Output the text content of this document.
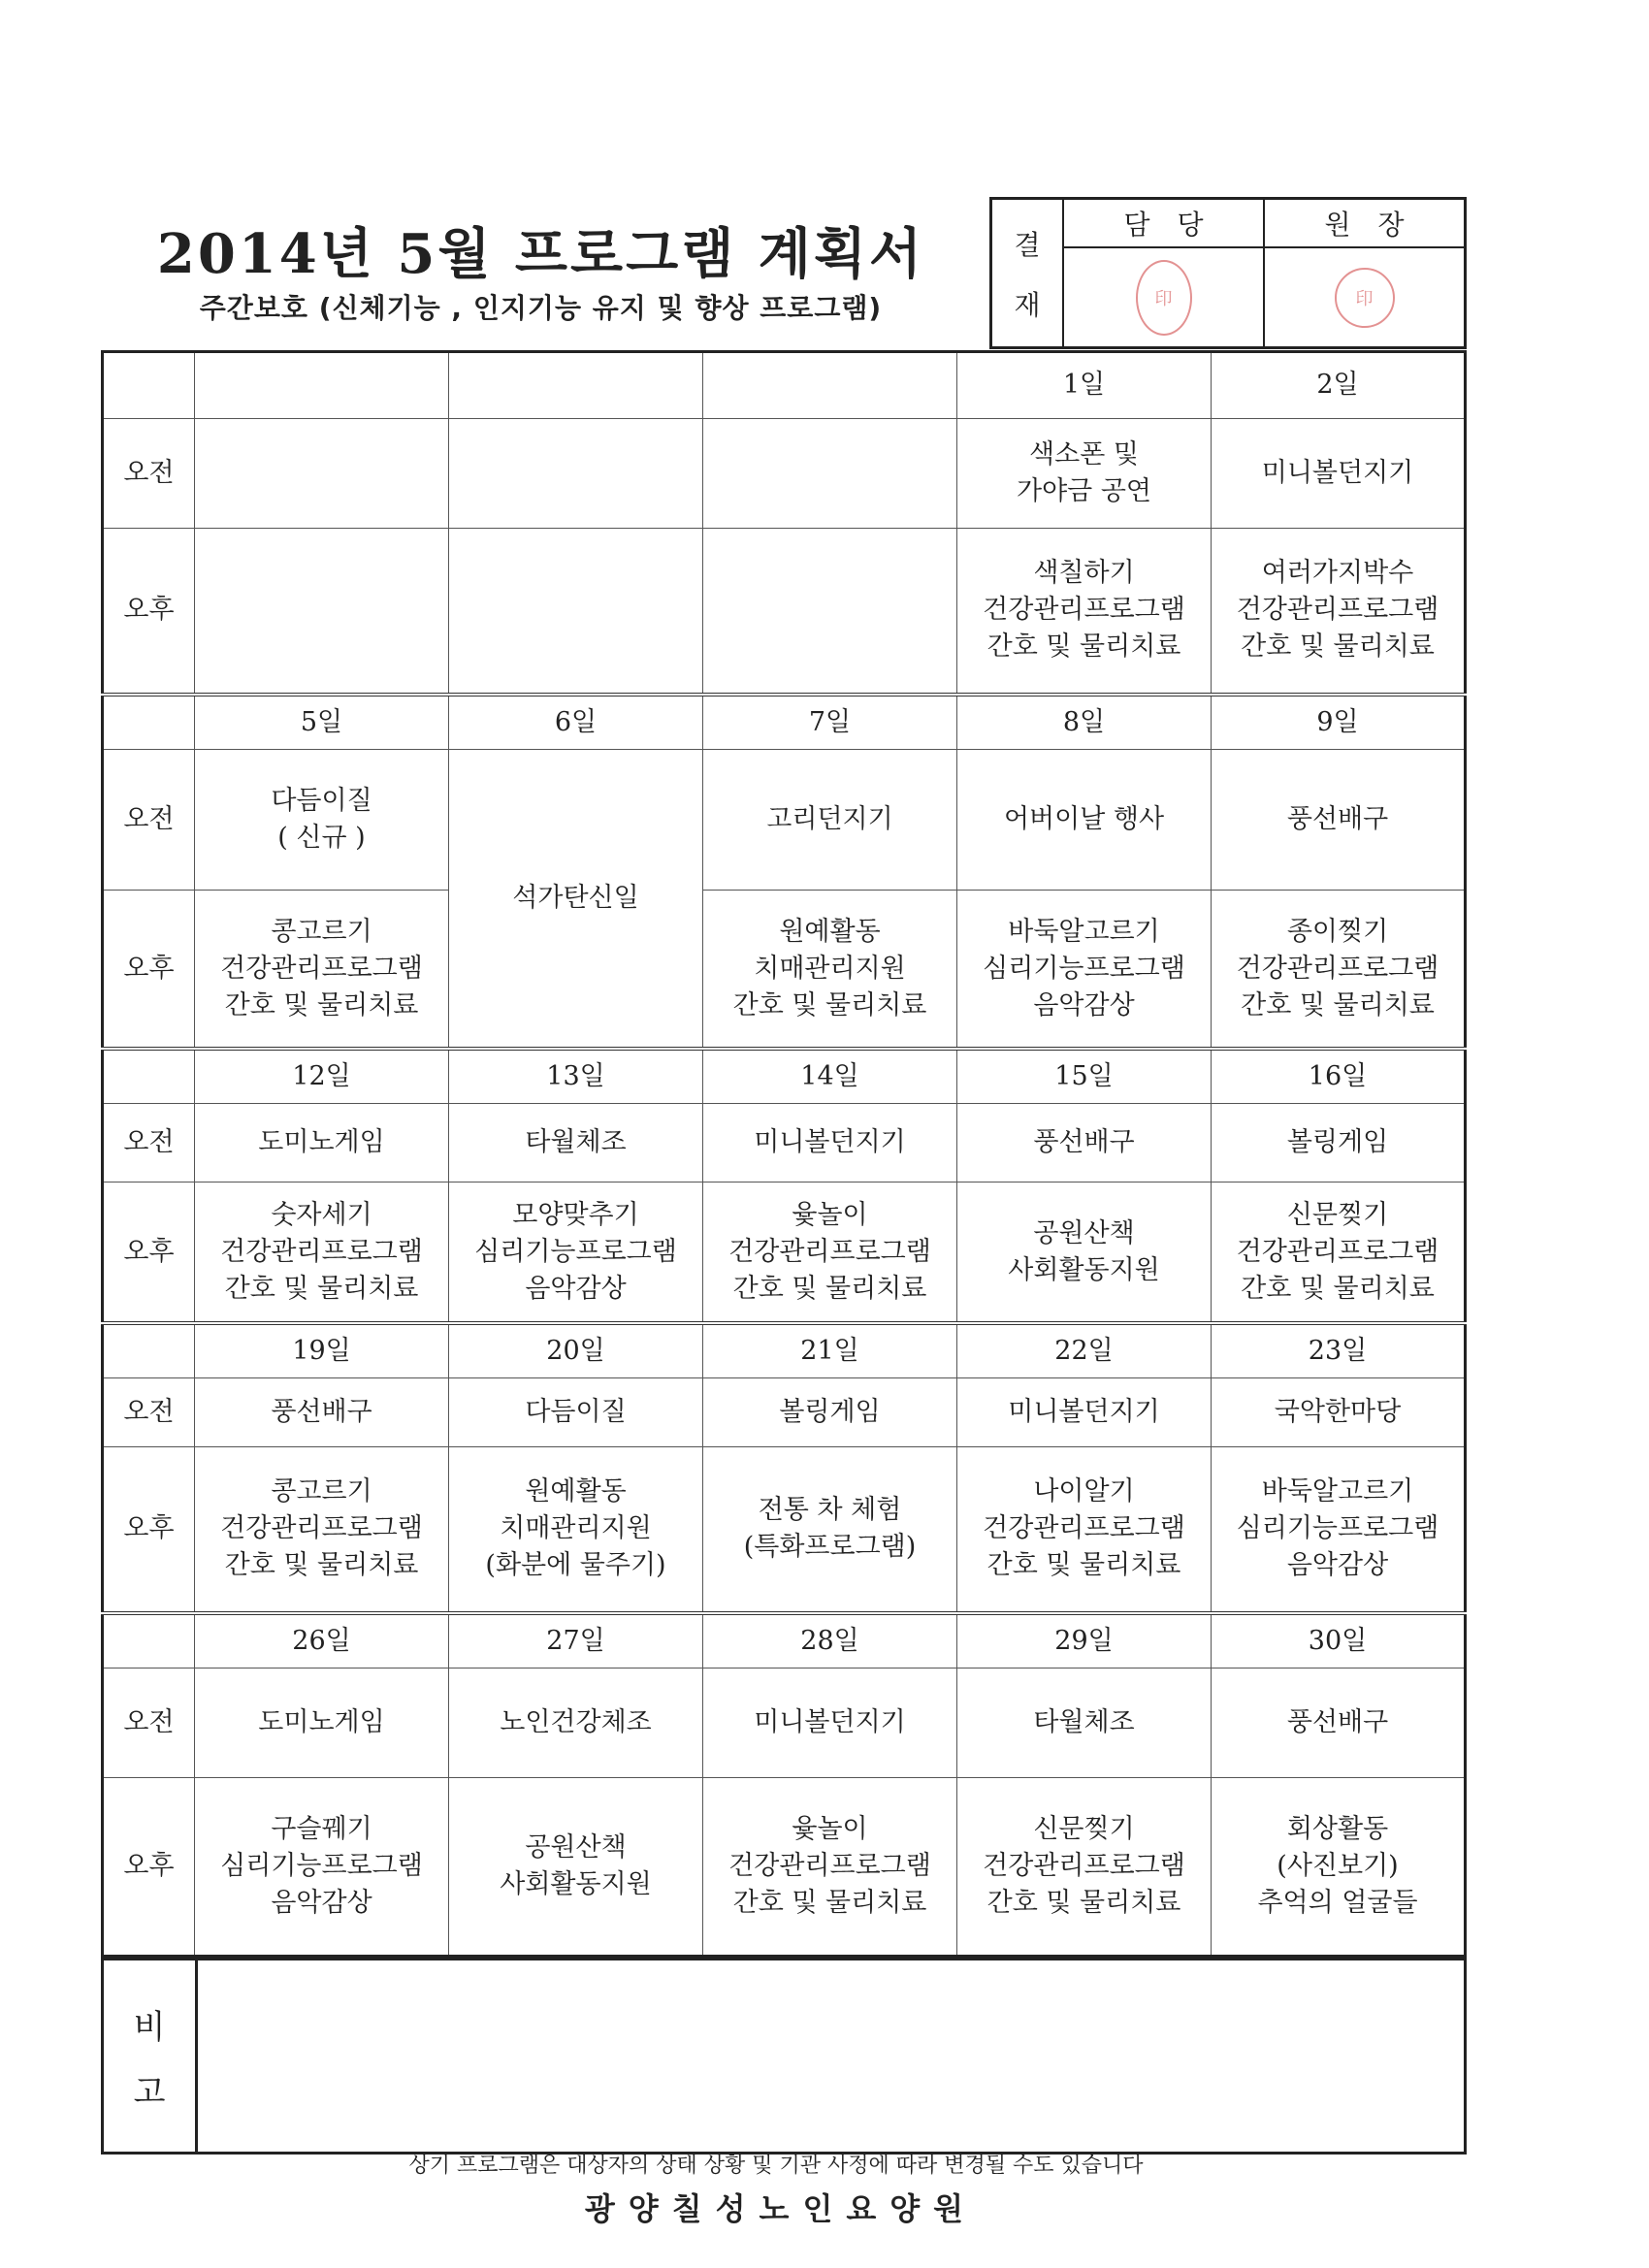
2014년 5월 프로그램 계획서
주간보호 (신체기능 , 인지기능 유지 및 향상 프로그램)
결
재
담당
印
원장
印
				1일	2일
오전				색소폰 및
가야금 공연	미니볼던지기

오후				색칠하기
건강관리프로그램
간호 및 물리치료	여러가지박수
건강관리프로그램
간호 및 물리치료

	5일	6일	7일	8일	9일
오전	다듬이질
( 신규 )	석가탄신일	고리던지기	어버이날 행사	풍선배구

오후	콩고르기
건강관리프로그램
간호 및 물리치료		원예활동
치매관리지원
간호 및 물리치료	바둑알고르기
심리기능프로그램
음악감상	종이찢기
건강관리프로그램
간호 및 물리치료

	12일	13일	14일	15일	16일
오전	도미노게임	타월체조	미니볼던지기	풍선배구	볼링게임

오후	숫자세기
건강관리프로그램
간호 및 물리치료	모양맞추기
심리기능프로그램
음악감상	윷놀이
건강관리프로그램
간호 및 물리치료	공원산책
사회활동지원	신문찢기
건강관리프로그램
간호 및 물리치료

	19일	20일	21일	22일	23일
오전	풍선배구	다듬이질	볼링게임	미니볼던지기	국악한마당

오후	콩고르기
건강관리프로그램
간호 및 물리치료	원예활동
치매관리지원
(화분에 물주기)	전통 차 체험
(특화프로그램)	나이알기
건강관리프로그램
간호 및 물리치료	바둑알고르기
심리기능프로그램
음악감상

	26일	27일	28일	29일	30일
오전	도미노게임	노인건강체조	미니볼던지기	타월체조	풍선배구

오후	구슬꿰기
심리기능프로그램
음악감상	공원산책
사회활동지원	윷놀이
건강관리프로그램
간호 및 물리치료	신문찢기
건강관리프로그램
간호 및 물리치료	회상활동
(사진보기)
추억의 얼굴들
비
고
상기 프로그램은 대상자의 상태 상황 및 기관 사정에 따라 변경될 수도 있습니다
광양칠성노인요양원
